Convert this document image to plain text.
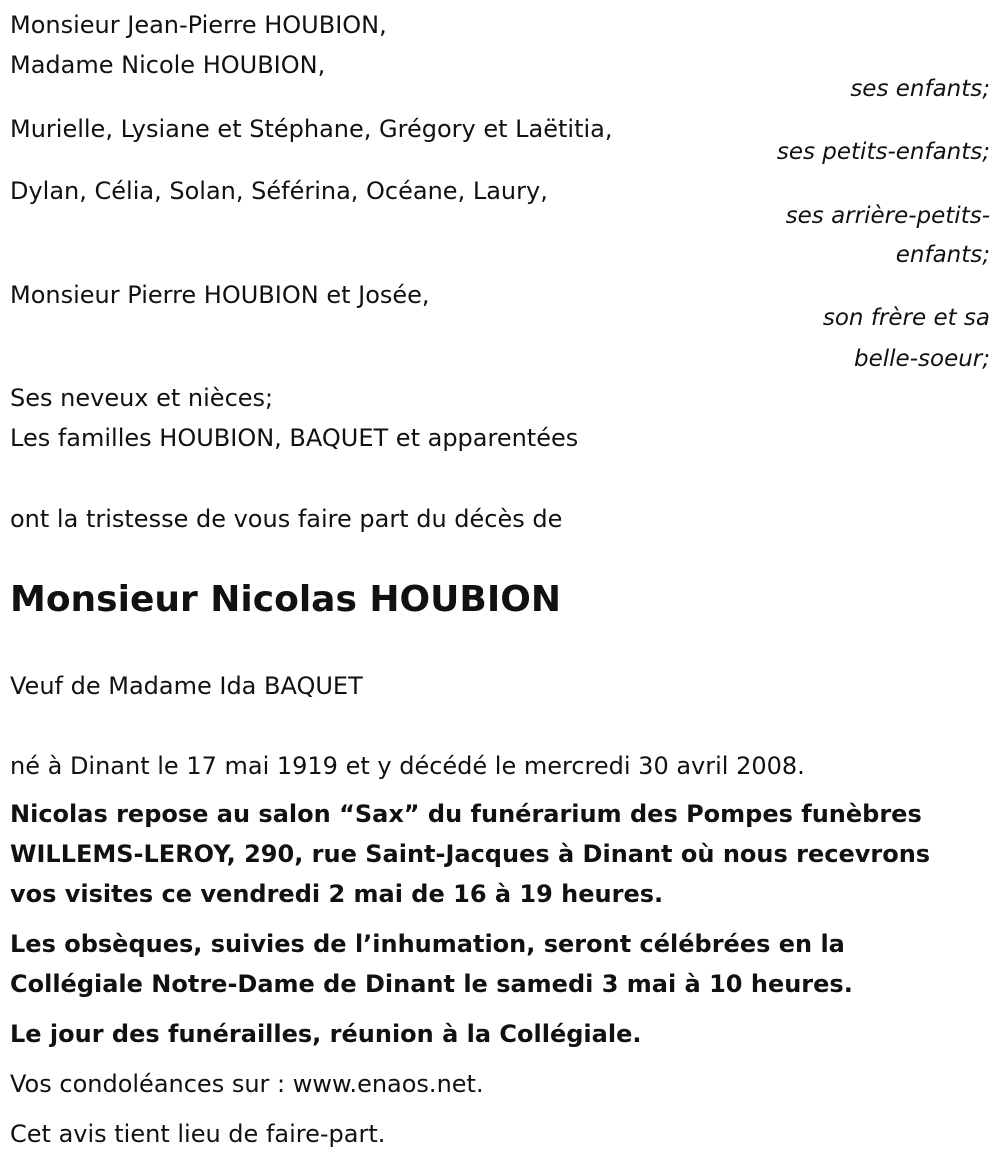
Monsieur Jean-Pierre HOUBION,
Madame Nicole HOUBION,
ses enfants;
Murielle, Lysiane et Stéphane, Grégory et Laëtitia,
ses petits-enfants;
Dylan, Célia, Solan, Séférina, Océane, Laury,
ses arrière-petits-
enfants;
Monsieur Pierre HOUBION et Josée,
son frère et sa
belle-soeur;
Ses neveux et nièces;
Les familles HOUBION, BAQUET et apparentées
ont la tristesse de vous faire part du décès de
Monsieur Nicolas HOUBION
Veuf de Madame Ida BAQUET
né à Dinant le 17 mai 1919 et y décédé le mercredi 30 avril 2008.
Nicolas repose au salon “Sax” du funérarium des Pompes funèbres
WILLEMS-LEROY, 290, rue Saint-Jacques à Dinant où nous recevrons
vos visites ce vendredi 2 mai de 16 à 19 heures.
Les obsèques, suivies de l’inhumation, seront célébrées en la
Collégiale Notre-Dame de Dinant le samedi 3 mai à 10 heures.
Le jour des funérailles, réunion à la Collégiale.
Vos condoléances sur : www.enaos.net.
Cet avis tient lieu de faire-part.
